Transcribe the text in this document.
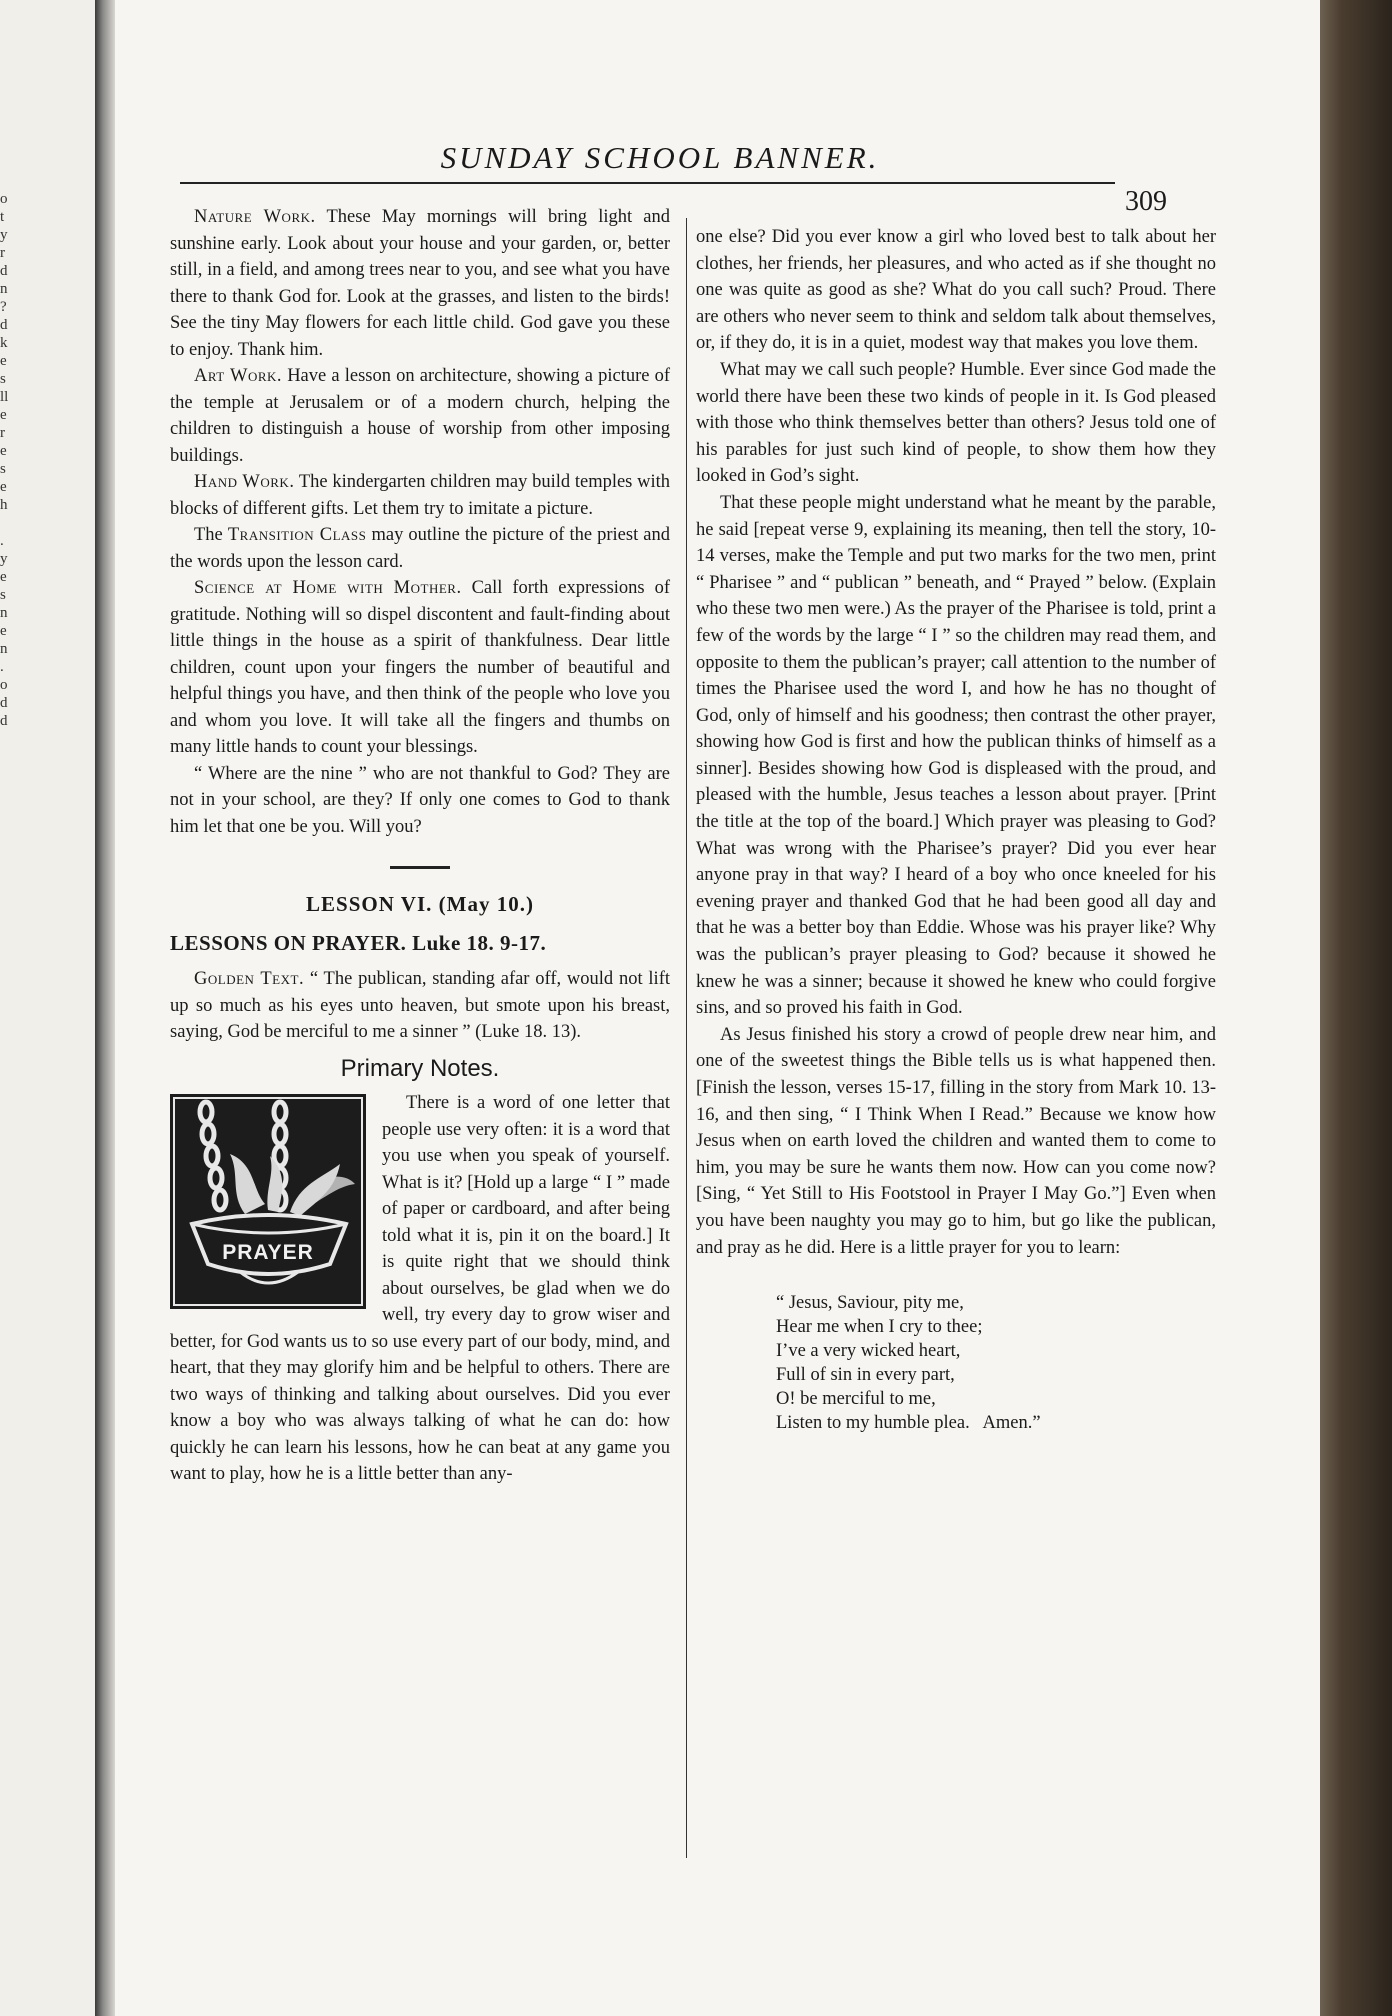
o
t
y
r
d
n
?
d
k
e
s
ll
e
r
e
s
e
h
.
y
e
s
n
e
n
.
o
d
d
SUNDAY SCHOOL BANNER.
309

Nature Work. These May mornings will bring light and sunshine early. Look about your house and your garden, or, better still, in a field, and among trees near to you, and see what you have there to thank God for. Look at the grasses, and listen to the birds! See the tiny May flowers for each little child. God gave you these to enjoy. Thank him.

Art Work. Have a lesson on architecture, showing a picture of the temple at Jerusalem or of a modern church, helping the children to distinguish a house of worship from other imposing buildings.

Hand Work. The kindergarten children may build temples with blocks of different gifts. Let them try to imitate a picture.

The Transition Class may outline the picture of the priest and the words upon the lesson card.

Science at Home with Mother. Call forth expressions of gratitude. Nothing will so dispel discontent and fault-finding about little things in the house as a spirit of thankfulness. Dear little children, count upon your fingers the number of beautiful and helpful things you have, and then think of the people who love you and whom you love. It will take all the fingers and thumbs on many little hands to count your blessings.

“ Where are the nine ” who are not thankful to God? They are not in your school, are they? If only one comes to God to thank him let that one be you. Will you?

LESSON VI. (May 10.)

LESSONS ON PRAYER. Luke 18. 9-17.

Golden Text. “ The publican, standing afar off, would not lift up so much as his eyes unto heaven, but smote upon his breast, saying, God be merciful to me a sinner ” (Luke 18. 13).

Primary Notes.

PRAYER

There is a word of one letter that people use very often: it is a word that you use when you speak of yourself. What is it? [Hold up a large “ I ” made of paper or cardboard, and after being told what it is, pin it on the board.] It is quite right that we should think about ourselves, be glad when we do well, try every day to grow wiser and better, for God wants us to so use every part of our body, mind, and heart, that they may glorify him and be helpful to others. There are two ways of thinking and talking about ourselves. Did you ever know a boy who was always talking of what he can do: how quickly he can learn his lessons, how he can beat at any game you want to play, how he is a little better than any-

one else? Did you ever know a girl who loved best to talk about her clothes, her friends, her pleasures, and who acted as if she thought no one was quite as good as she? What do you call such? Proud. There are others who never seem to think and seldom talk about themselves, or, if they do, it is in a quiet, modest way that makes you love them.

What may we call such people? Humble. Ever since God made the world there have been these two kinds of people in it. Is God pleased with those who think themselves better than others? Jesus told one of his parables for just such kind of people, to show them how they looked in God’s sight.

That these people might understand what he meant by the parable, he said [repeat verse 9, explaining its meaning, then tell the story, 10-14 verses, make the Temple and put two marks for the two men, print “ Pharisee ” and “ publican ” beneath, and “ Prayed ” below. (Explain who these two men were.) As the prayer of the Pharisee is told, print a few of the words by the large “ I ” so the children may read them, and opposite to them the publican’s prayer; call attention to the number of times the Pharisee used the word I, and how he has no thought of God, only of himself and his goodness; then contrast the other prayer, showing how God is first and how the publican thinks of himself as a sinner]. Besides showing how God is displeased with the proud, and pleased with the humble, Jesus teaches a lesson about prayer. [Print the title at the top of the board.] Which prayer was pleasing to God? What was wrong with the Pharisee’s prayer? Did you ever hear anyone pray in that way? I heard of a boy who once kneeled for his evening prayer and thanked God that he had been good all day and that he was a better boy than Eddie. Whose was his prayer like? Why was the publican’s prayer pleasing to God? because it showed he knew he was a sinner; because it showed he knew who could forgive sins, and so proved his faith in God.

As Jesus finished his story a crowd of people drew near him, and one of the sweetest things the Bible tells us is what happened then. [Finish the lesson, verses 15-17, filling in the story from Mark 10. 13-16, and then sing, “ I Think When I Read.” Because we know how Jesus when on earth loved the children and wanted them to come to him, you may be sure he wants them now. How can you come now? [Sing, “ Yet Still to His Footstool in Prayer I May Go.”] Even when you have been naughty you may go to him, but go like the publican, and pray as he did. Here is a little prayer for you to learn:

“ Jesus, Saviour, pity me,
Hear me when I cry to thee;
I’ve a very wicked heart,
Full of sin in every part,
O! be merciful to me,
Listen to my humble plea.   Amen.”
